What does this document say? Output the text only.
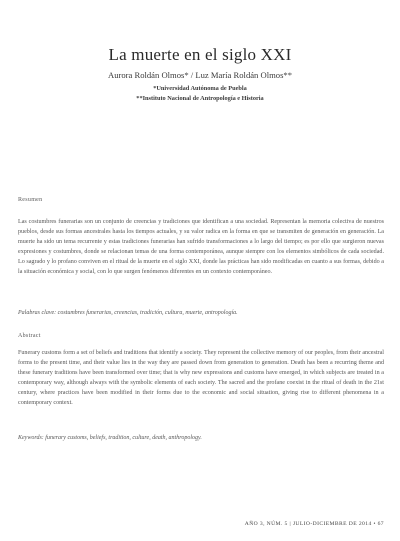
La muerte en el siglo XXI
Aurora Roldán Olmos* / Luz María Roldán Olmos**
*Universidad Autónoma de Puebla
**Instituto Nacional de Antropología e Historia
Resumen
Las costumbres funerarias son un conjunto de creencias y tradiciones que identifican a una sociedad. Representan la memoria colectiva de nuestros pueblos, desde sus formas ancestrales hasta los tiempos actuales, y su valor radica en la forma en que se transmiten de generación en generación. La muerte ha sido un tema recurrente y estas tradiciones funerarias han sufrido transformaciones a lo largo del tiempo; es por ello que surgieron nuevas expresiones y costumbres, donde se relacionan temas de una forma contemporánea, aunque siempre con los elementos simbólicos de cada sociedad. Lo sagrado y lo profano conviven en el ritual de la muerte en el siglo XXI, donde las prácticas han sido modificadas en cuanto a sus formas, debido a la situación económica y social, con lo que surgen fenómenos diferentes en un contexto contemporáneo.
Palabras clave: costumbres funerarias, creencias, tradición, cultura, muerte, antropología.
Abstract
Funerary customs form a set of beliefs and traditions that identify a society. They represent the collective memory of our peoples, from their ancestral forms to the present time, and their value lies in the way they are passed down from generation to generation. Death has been a recurring theme and these funerary traditions have been transformed over time; that is why new expressions and customs have emerged, in which subjects are treated in a contemporary way, although always with the symbolic elements of each society. The sacred and the profane coexist in the ritual of death in the 21st century, where practices have been modified in their forms due to the economic and social situation, giving rise to different phenomena in a contemporary context.
Keywords: funerary customs, beliefs, tradition, culture, death, anthropology.
AÑO 3, NÚM. 5 | JULIO-DICIEMBRE DE 2014 • 67
